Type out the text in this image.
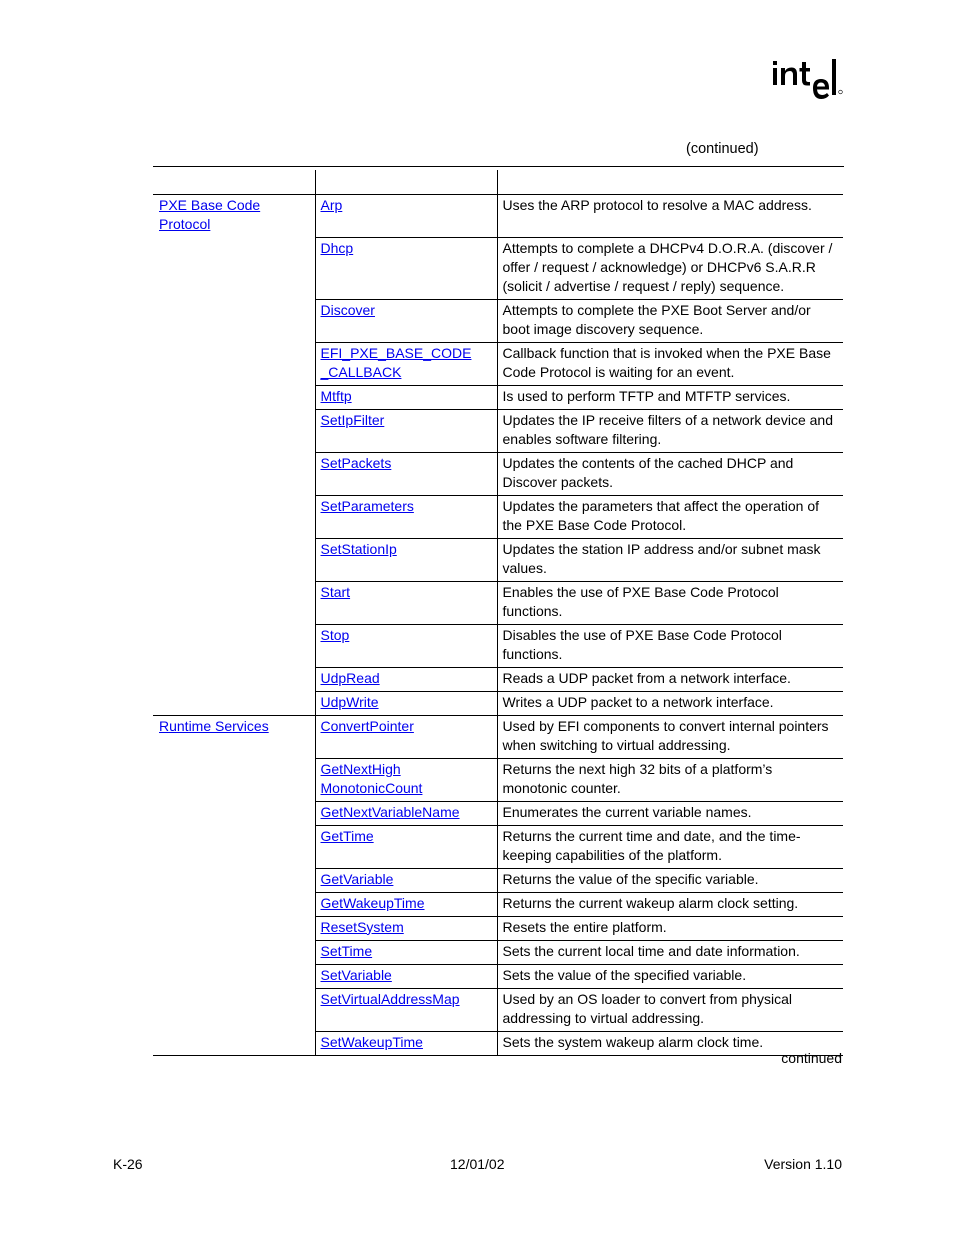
(continued)

PXE Base Code Protocol	Arp	Uses the ARP protocol to resolve a MAC address.
	Dhcp	Attempts to complete a DHCPv4 D.O.R.A. (discover / offer / request / acknowledge) or DHCPv6 S.A.R.R (solicit / advertise / request / reply) sequence.
	Discover	Attempts to complete the PXE Boot Server and/or boot image discovery sequence.
	EFI_PXE_BASE_CODE _CALLBACK	Callback function that is invoked when the PXE Base Code Protocol is waiting for an event.
	Mtftp	Is used to perform TFTP and MTFTP services.
	SetIpFilter	Updates the IP receive filters of a network device and enables software filtering.
	SetPackets	Updates the contents of the cached DHCP and Discover packets.
	SetParameters	Updates the parameters that affect the operation of the PXE Base Code Protocol.
	SetStationIp	Updates the station IP address and/or subnet mask values.
	Start	Enables the use of PXE Base Code Protocol functions.
	Stop	Disables the use of PXE Base Code Protocol functions.
	UdpRead	Reads a UDP packet from a network interface.
	UdpWrite	Writes a UDP packet to a network interface.
Runtime Services	ConvertPointer	Used by EFI components to convert internal pointers when switching to virtual addressing.
	GetNextHigh MonotonicCount	Returns the next high 32 bits of a platform’s monotonic counter.
	GetNextVariableName	Enumerates the current variable names.
	GetTime	Returns the current time and date, and the time-keeping capabilities of the platform.
	GetVariable	Returns the value of the specific variable.
	GetWakeupTime	Returns the current wakeup alarm clock setting.
	ResetSystem	Resets the entire platform.
	SetTime	Sets the current local time and date information.
	SetVariable	Sets the value of the specified variable.
	SetVirtualAddressMap	Used by an OS loader to convert from physical addressing to virtual addressing.
	SetWakeupTime	Sets the system wakeup alarm clock time.
continued
K-26	12/01/02	Version 1.10
